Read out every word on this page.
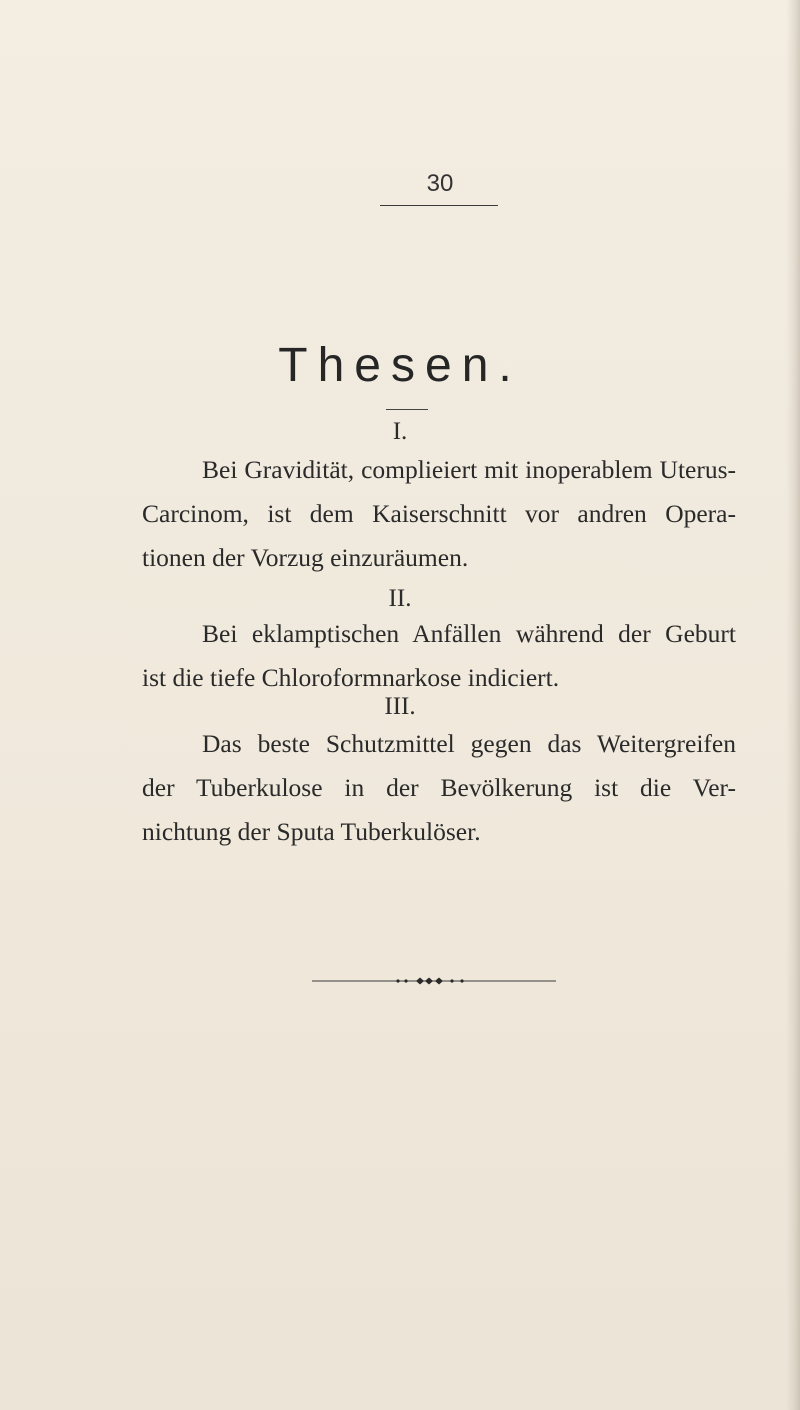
30
Thesen.
I.
Bei Gravidität, complieiert mit inoperablem Uterus-
Carcinom, ist dem Kaiserschnitt vor andren Opera-
tionen der Vorzug einzuräumen.
II.
Bei eklamptischen Anfällen während der Geburt
ist die tiefe Chloroformnarkose indiciert.
III.
Das beste Schutzmittel gegen das Weitergreifen
der Tuberkulose in der Bevölkerung ist die Ver-
nichtung der Sputa Tuberkulöser.
